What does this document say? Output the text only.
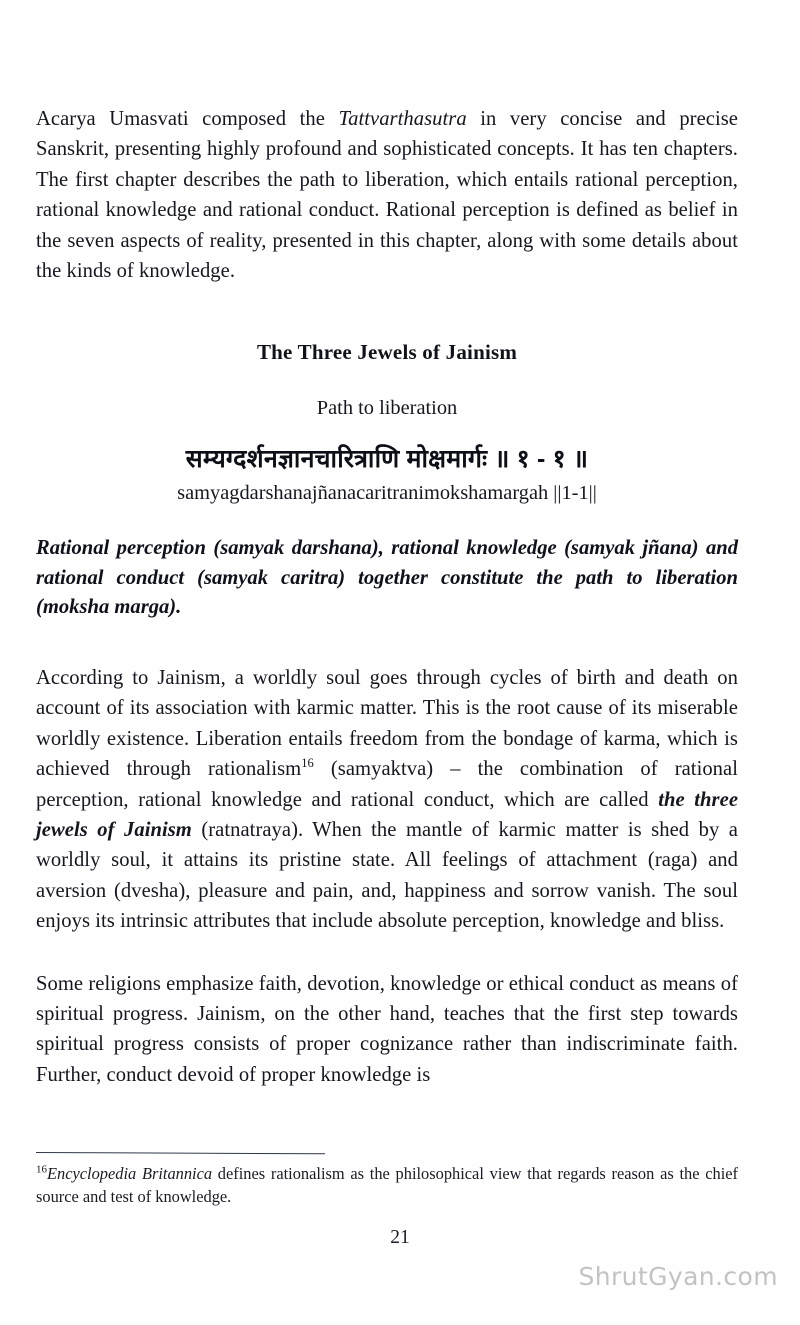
Acarya Umasvati composed the Tattvarthasutra in very concise and precise Sanskrit, presenting highly profound and sophisticated concepts. It has ten chapters. The first chapter describes the path to liberation, which entails rational perception, rational knowledge and rational conduct. Rational perception is defined as belief in the seven aspects of reality, presented in this chapter, along with some details about the kinds of knowledge.

The Three Jewels of Jainism
Path to liberation
सम्यग्दर्शनज्ञानचारित्राणि मोक्षमार्गः ॥ १ - १ ॥
samyagdarshanajñanacaritranimokshamargah ||1-1||

Rational perception (samyak darshana), rational knowledge (samyak jñana) and rational conduct (samyak caritra) together constitute the path to liberation (moksha marga).

According to Jainism, a worldly soul goes through cycles of birth and death on account of its association with karmic matter. This is the root cause of its miserable worldly existence. Liberation entails freedom from the bondage of karma, which is achieved through rationalism$^{16}$ (samyaktva) – the combination of rational perception, rational knowledge and rational conduct, which are called the three jewels of Jainism (ratnatraya). When the mantle of karmic matter is shed by a worldly soul, it attains its pristine state. All feelings of attachment (raga) and aversion (dvesha), pleasure and pain, and, happiness and sorrow vanish. The soul enjoys its intrinsic attributes that include absolute perception, knowledge and bliss.

Some religions emphasize faith, devotion, knowledge or ethical conduct as means of spiritual progress. Jainism, on the other hand, teaches that the first step towards spiritual progress consists of proper cognizance rather than indiscriminate faith. Further, conduct devoid of proper knowledge is

$^{16}$Encyclopedia Britannica defines rationalism as the philosophical view that regards reason as the chief source and test of knowledge.

21
ShrutGyan.com
